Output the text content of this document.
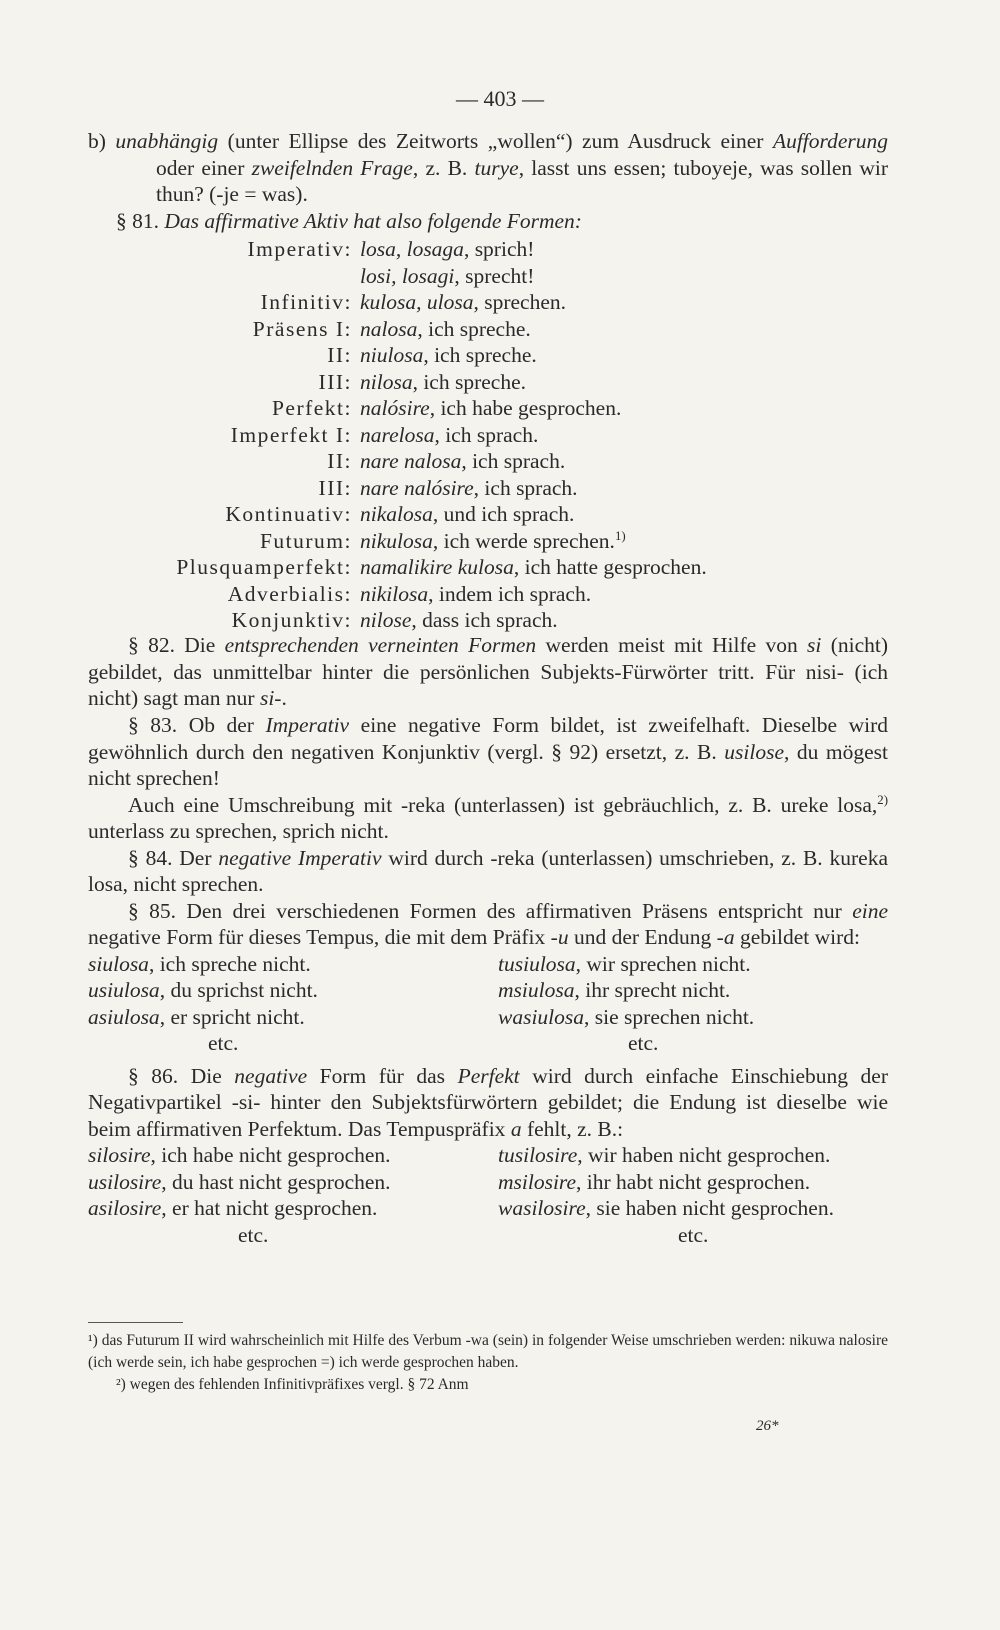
— 403 —

b) unabhängig (unter Ellipse des Zeitworts „wollen“) zum Ausdruck einer Aufforderung oder einer zweifelnden Frage, z. B. turye, lasst uns essen; tuboyeje, was sollen wir thun? (-je = was).

§ 81. Das affirmative Aktiv hat also folgende Formen:

Imperativ: losa, losaga, sprich!
losi, losagi, sprecht!
Infinitiv: kulosa, ulosa, sprechen.
Präsens I: nalosa, ich spreche.
II: niulosa, ich spreche.
III: nilosa, ich spreche.
Perfekt: nalósire, ich habe gesprochen.
Imperfekt I: narelosa, ich sprach.
II: nare nalosa, ich sprach.
III: nare nalósire, ich sprach.
Kontinuativ: nikalosa, und ich sprach.
Futurum: nikulosa, ich werde sprechen.$^{1)}$
Plusquamperfekt: namalikire kulosa, ich hatte gesprochen.
Adverbialis: nikilosa, indem ich sprach.
Konjunktiv: nilose, dass ich sprach.

§ 82. Die entsprechenden verneinten Formen werden meist mit Hilfe von si (nicht) gebildet, das unmittelbar hinter die persönlichen Subjekts-Fürwörter tritt. Für nisi- (ich nicht) sagt man nur si-.

§ 83. Ob der Imperativ eine negative Form bildet, ist zweifelhaft. Dieselbe wird gewöhnlich durch den negativen Konjunktiv (vergl. § 92) ersetzt, z. B. usilose, du mögest nicht sprechen!

Auch eine Umschreibung mit -reka (unterlassen) ist gebräuchlich, z. B. ureke losa,$^{2)}$ unterlass zu sprechen, sprich nicht.

§ 84. Der negative Imperativ wird durch -reka (unterlassen) umschrieben, z. B. kureka losa, nicht sprechen.

§ 85. Den drei verschiedenen Formen des affirmativen Präsens entspricht nur eine negative Form für dieses Tempus, die mit dem Präfix -u und der Endung -a gebildet wird:

siulosa, ich spreche nicht.
usiulosa, du sprichst nicht.
asiulosa, er spricht nicht.
etc.
tusiulosa, wir sprechen nicht.
msiulosa, ihr sprecht nicht.
wasiulosa, sie sprechen nicht.
etc.

§ 86. Die negative Form für das Perfekt wird durch einfache Einschiebung der Negativpartikel -si- hinter den Subjektsfürwörtern gebildet; die Endung ist dieselbe wie beim affirmativen Perfektum. Das Tempuspräfix a fehlt, z. B.:

silosire, ich habe nicht gesprochen.
usilosire, du hast nicht gesprochen.
asilosire, er hat nicht gesprochen.
etc.
tusilosire, wir haben nicht gesprochen.
msilosire, ihr habt nicht gesprochen.
wasilosire, sie haben nicht gesprochen.
etc.

¹) das Futurum II wird wahrscheinlich mit Hilfe des Verbum -wa (sein) in folgender Weise umschrieben werden: nikuwa nalosire (ich werde sein, ich habe gesprochen =) ich werde gesprochen haben.

²) wegen des fehlenden Infinitivpräfixes vergl. § 72 Anm

26*
